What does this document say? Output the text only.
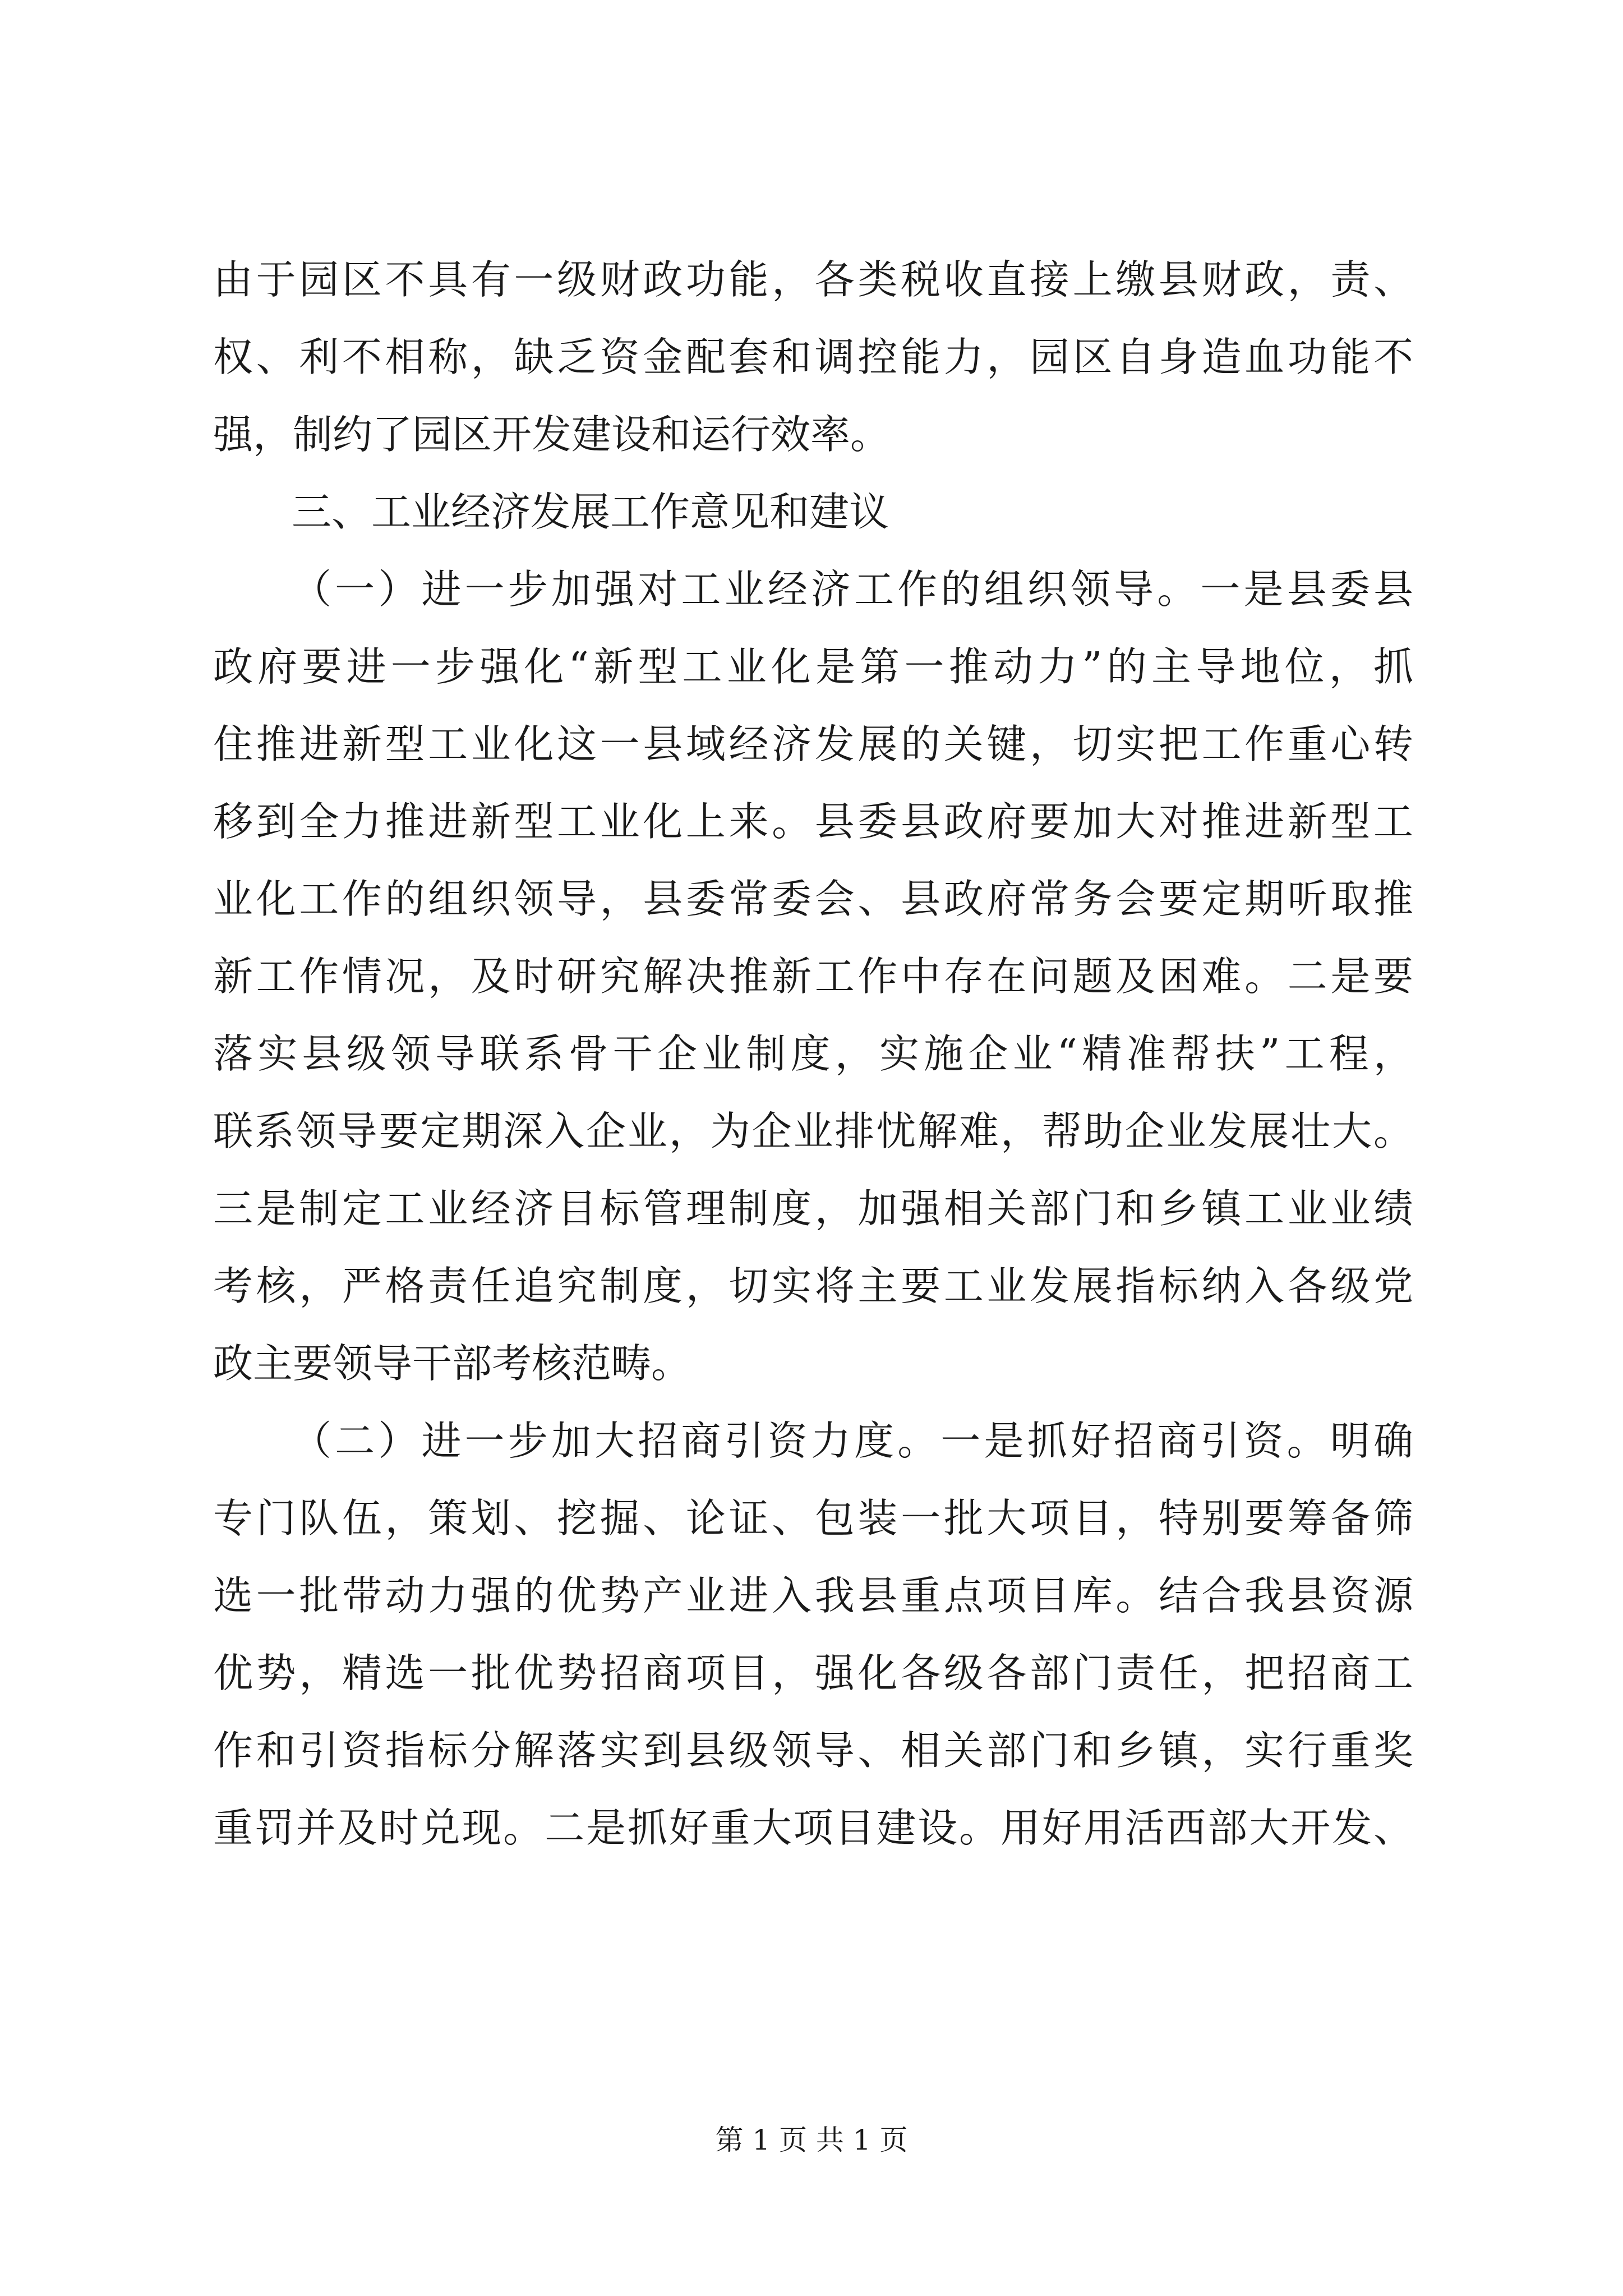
由于园区不具有一级财政功能，各类税收直接上缴县财政，责、
权、利不相称，缺乏资金配套和调控能力，园区自身造血功能不
强，制约了园区开发建设和运行效率。
三、工业经济发展工作意见和建议
（一）进一步加强对工业经济工作的组织领导。一是县委县
政府要进一步强化“新型工业化是第一推动力”的主导地位，抓
住推进新型工业化这一县域经济发展的关键，切实把工作重心转
移到全力推进新型工业化上来。县委县政府要加大对推进新型工
业化工作的组织领导，县委常委会、县政府常务会要定期听取推
新工作情况，及时研究解决推新工作中存在问题及困难。二是要
落实县级领导联系骨干企业制度，实施企业“精准帮扶”工程，
联系领导要定期深入企业，为企业排忧解难，帮助企业发展壮大。
三是制定工业经济目标管理制度，加强相关部门和乡镇工业业绩
考核，严格责任追究制度，切实将主要工业发展指标纳入各级党
政主要领导干部考核范畴。
（二）进一步加大招商引资力度。一是抓好招商引资。明确
专门队伍，策划、挖掘、论证、包装一批大项目，特别要筹备筛
选一批带动力强的优势产业进入我县重点项目库。结合我县资源
优势，精选一批优势招商项目，强化各级各部门责任，把招商工
作和引资指标分解落实到县级领导、相关部门和乡镇，实行重奖
重罚并及时兑现。二是抓好重大项目建设。用好用活西部大开发、
第 1 页 共 1 页
